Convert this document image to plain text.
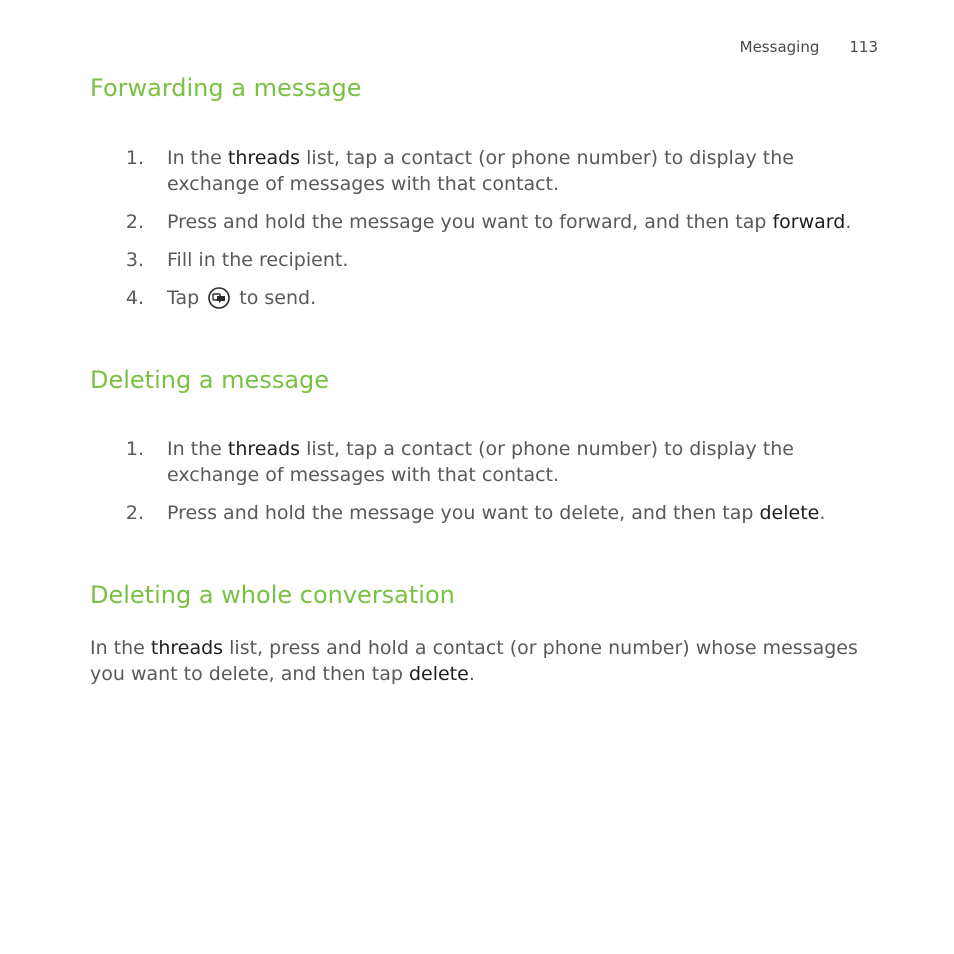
Messaging 113
Forwarding a message
1. In the threads list, tap a contact (or phone number) to display the exchange of messages with that contact.
2. Press and hold the message you want to forward, and then tap forward.
3. Fill in the recipient.
4. Tap  to send.
Deleting a message
1. In the threads list, tap a contact (or phone number) to display the exchange of messages with that contact.
2. Press and hold the message you want to delete, and then tap delete.
Deleting a whole conversation

In the threads list, press and hold a contact (or phone number) whose messages you want to delete, and then tap delete.
